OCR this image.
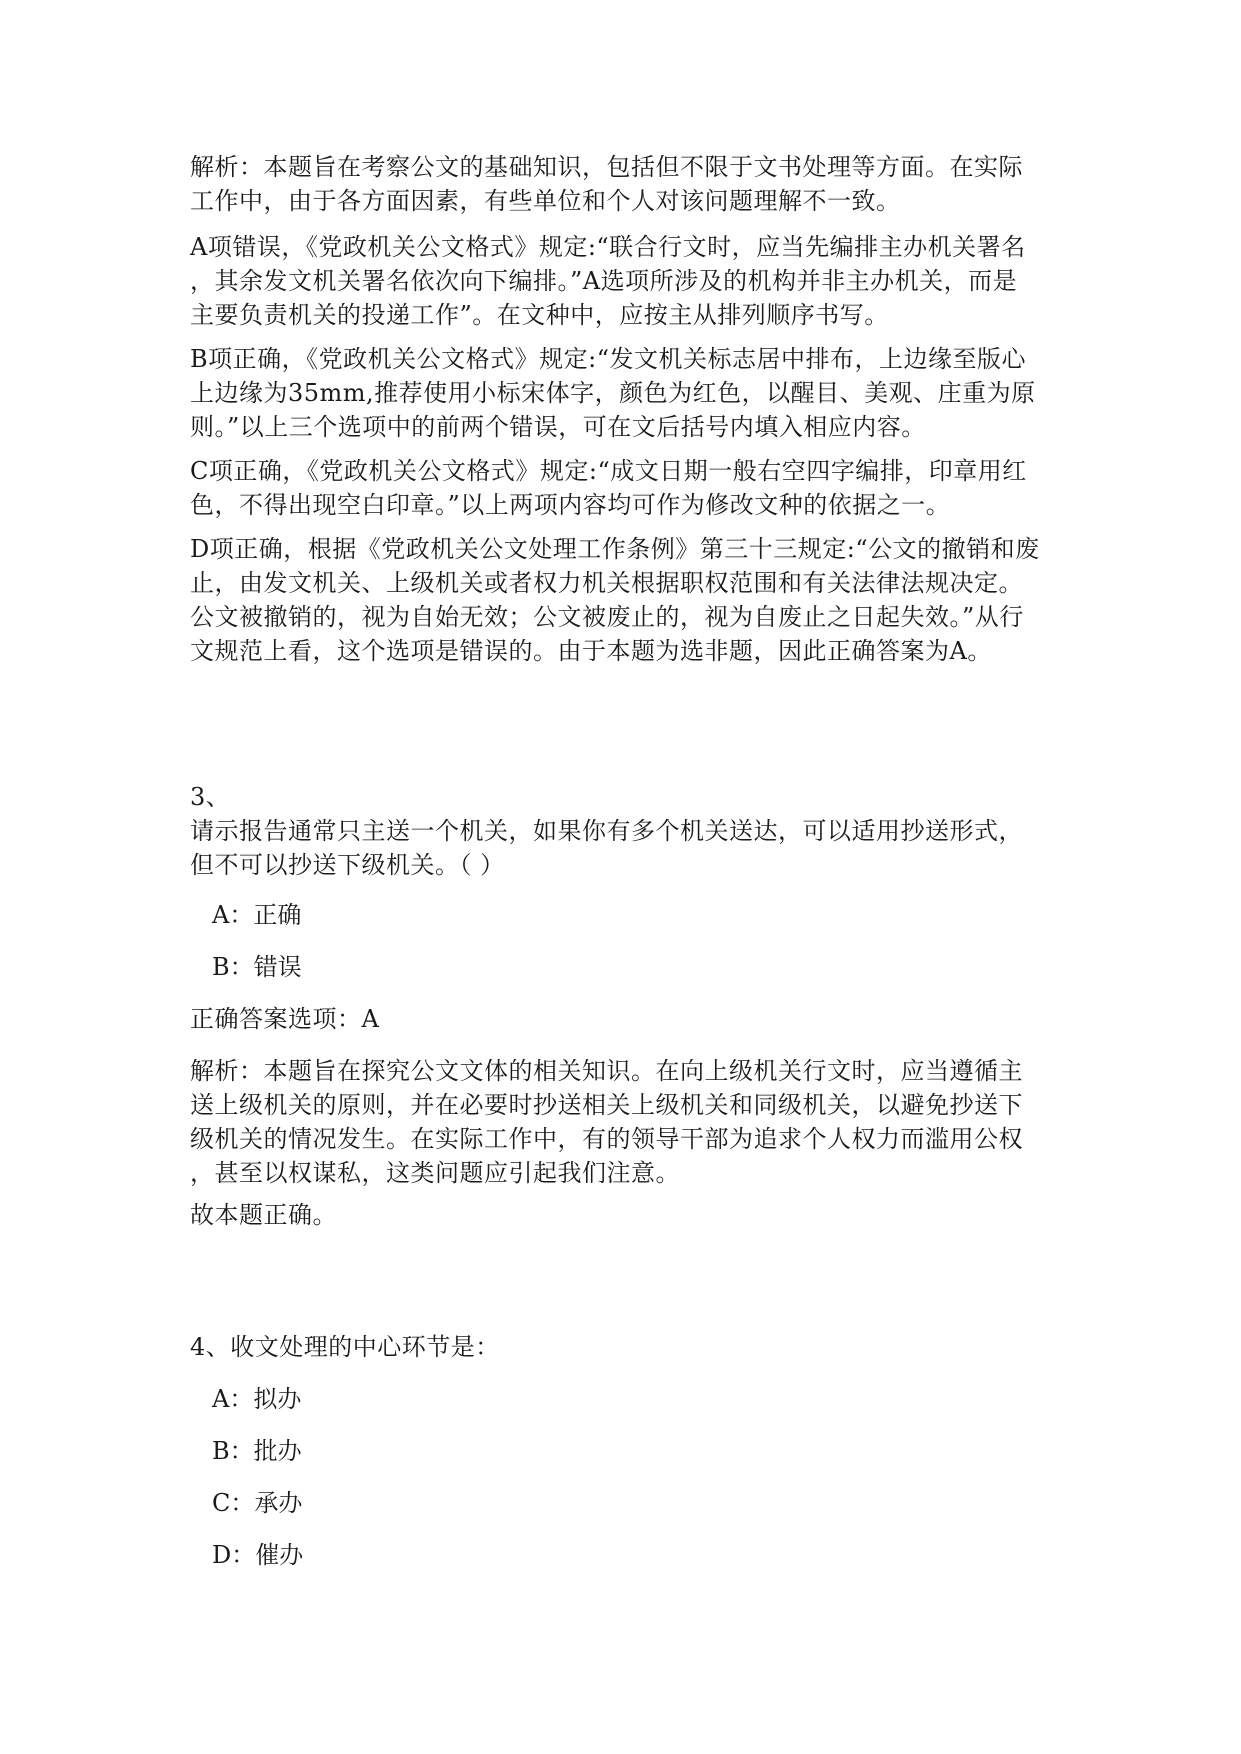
解析：本题旨在考察公文的基础知识，包括但不限于文书处理等方面。在实际
工作中，由于各方面因素，有些单位和个人对该问题理解不一致。
A项错误，《党政机关公文格式》规定:“联合行文时，应当先编排主办机关署名
，其余发文机关署名依次向下编排。”A选项所涉及的机构并非主办机关，而是
主要负责机关的投递工作”。在文种中，应按主从排列顺序书写。
B项正确，《党政机关公文格式》规定:“发文机关标志居中排布，上边缘至版心
上边缘为35mm,推荐使用小标宋体字，颜色为红色，以醒目、美观、庄重为原
则。”以上三个选项中的前两个错误，可在文后括号内填入相应内容。
C项正确，《党政机关公文格式》规定:“成文日期一般右空四字编排，印章用红
色，不得出现空白印章。”以上两项内容均可作为修改文种的依据之一。
D项正确，根据《党政机关公文处理工作条例》第三十三规定:“公文的撤销和废
止，由发文机关、上级机关或者权力机关根据职权范围和有关法律法规决定。
公文被撤销的，视为自始无效；公文被废止的，视为自废止之日起失效。”从行
文规范上看，这个选项是错误的。由于本题为选非题，因此正确答案为A。
3、
请示报告通常只主送一个机关，如果你有多个机关送达，可以适用抄送形式，
但不可以抄送下级机关。（ ）
A：正确
B：错误
正确答案选项：A
解析：本题旨在探究公文文体的相关知识。在向上级机关行文时，应当遵循主
送上级机关的原则，并在必要时抄送相关上级机关和同级机关，以避免抄送下
级机关的情况发生。在实际工作中，有的领导干部为追求个人权力而滥用公权
，甚至以权谋私，这类问题应引起我们注意。
故本题正确。
4、收文处理的中心环节是：
A：拟办
B：批办
C：承办
D：催办
